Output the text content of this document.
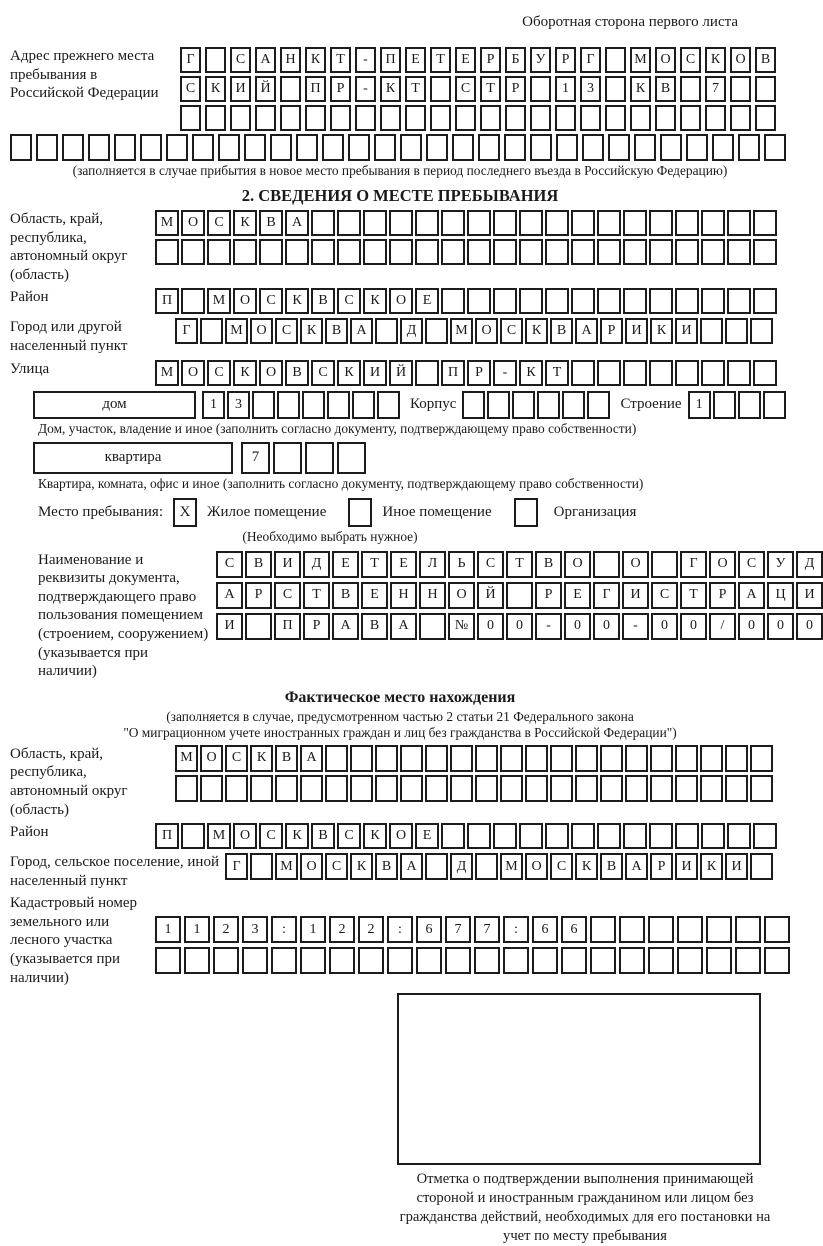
Оборотная сторона первого листа
Адрес прежнего места пребывания в Российской Федерации
Г	С	А	Н	К	Т	-	П	Е	Т	Е	Р	Б	У	Р	Г	М О	С	К	О	В
С	К	И	Й	П	Р	-	К	Т	С	Т	Р	1	3	К	В	7
(заполняется в случае прибытия в новое место пребывания в период последнего въезда в Российскую Федерацию)
2. СВЕДЕНИЯ О МЕСТЕ ПРЕБЫВАНИЯ
Область, край, республика, автономный округ (область)
М	О	С	К	В	А
Район	П	М	О	С	К	В	С	К	О	Е
Город или другой населенный пункт
Г	М О	С	К	В	А	Д	М О	С	К	В	А	Р	И	К	И
Улица	М	О	С	К	О	В	С	К	И	Й	П	Р	-	К	Т
дом	1	3	Корпус	Строение	1
Дом, участок, владение и иное (заполнить согласно документу, подтверждающему право собственности)
квартира	7
Квартира, комната, офис и иное (заполнить согласно документу, подтверждающему право собственности)
Место пребывания:	X	Жилое помещение	Иное помещение	Организация
(Необходимо выбрать нужное)
Наименование и реквизиты документа, подтверждающего право пользования помещением (строением, сооружением) (указывается при наличии)
С	В	И	Д	Е	Т	Е	Л	Ь	С	Т	В	О	О	Г	О	С	У	Д
А	Р	С	Т	В	Е	Н	Н	О	Й	Р	Е	Г	И	С	Т	Р	А	Ц	И
И	П	Р	А	В	А	№	0	0	-	0	0	-	0	0	/	0	0	0
Фактическое место нахождения
(заполняется в случае, предусмотренном частью 2 статьи 21 Федерального закона
"О миграционном учете иностранных граждан и лиц без гражданства в Российской Федерации")
Область, край, республика, автономный округ (область)
М О	С	К	В	А
Район	П	М	О	С	К	В	С	К	О	Е
Город, сельское поселение, иной населенный пункт
Г	М О	С	К	В	А	Д	М О	С	К	В	А	Р	И	К	И
Кадастровый номер земельного или лесного участка (указывается при наличии)
1	1	2	3	:	1	2	2	:	6	7	7	:	6	6
Отметка о подтверждении выполнения принимающей стороной и иностранным гражданином или лицом без гражданства действий, необходимых для его постановки на учет по месту пребывания
